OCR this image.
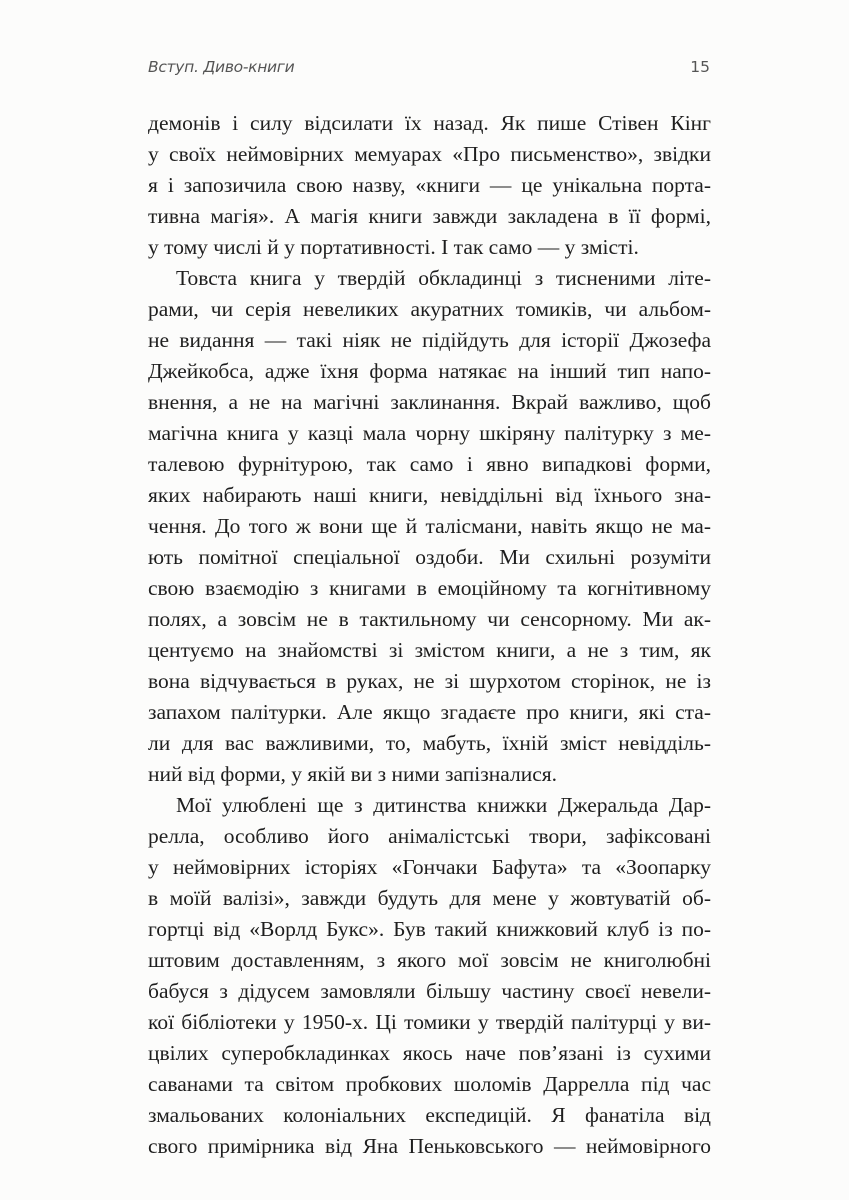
Вступ. Диво-книги	15
демонів і силу відсилати їх назад. Як пише Стівен Кінг
у своїх неймовірних мемуарах «Про письменство», звідки
я і запозичила свою назву, «книги — це унікальна порта-
тивна магія». А магія книги завжди закладена в її формі,
у тому числі й у портативності. І так само — у змісті.
Товста книга у твердій обкладинці з тисненими літе-
рами, чи серія невеликих акуратних томиків, чи альбом-
не видання — такі ніяк не підійдуть для історії Джозефа
Джейкобса, адже їхня форма натякає на інший тип напо-
внення, а не на магічні заклинання. Вкрай важливо, щоб
магічна книга у казці мала чорну шкіряну палітурку з ме-
талевою фурнітурою, так само і явно випадкові форми,
яких набирають наші книги, невіддільні від їхнього зна-
чення. До того ж вони ще й талісмани, навіть якщо не ма-
ють помітної спеціальної оздоби. Ми схильні розуміти
свою взаємодію з книгами в емоційному та когнітивному
полях, а зовсім не в тактильному чи сенсорному. Ми ак-
центуємо на знайомстві зі змістом книги, а не з тим, як
вона відчувається в руках, не зі шурхотом сторінок, не із
запахом палітурки. Але якщо згадаєте про книги, які ста-
ли для вас важливими, то, мабуть, їхній зміст невідділь-
ний від форми, у якій ви з ними запізналися.
Мої улюблені ще з дитинства книжки Джеральда Дар-
релла, особливо його анімалістські твори, зафіксовані
у неймовірних історіях «Гончаки Бафута» та «Зоопарку
в моїй валізі», завжди будуть для мене у жовтуватій об-
гортці від «Ворлд Букс». Був такий книжковий клуб із по-
штовим доставленням, з якого мої зовсім не книголюбні
бабуся з дідусем замовляли більшу частину своєї невели-
кої бібліотеки у 1950-х. Ці томики у твердій палітурці у ви-
цвілих суперобкладинках якось наче пов’язані із сухими
саванами та світом пробкових шоломів Даррелла під час
змальованих колоніальних експедицій. Я фанатіла від
свого примірника від Яна Пеньковського — неймовірного
